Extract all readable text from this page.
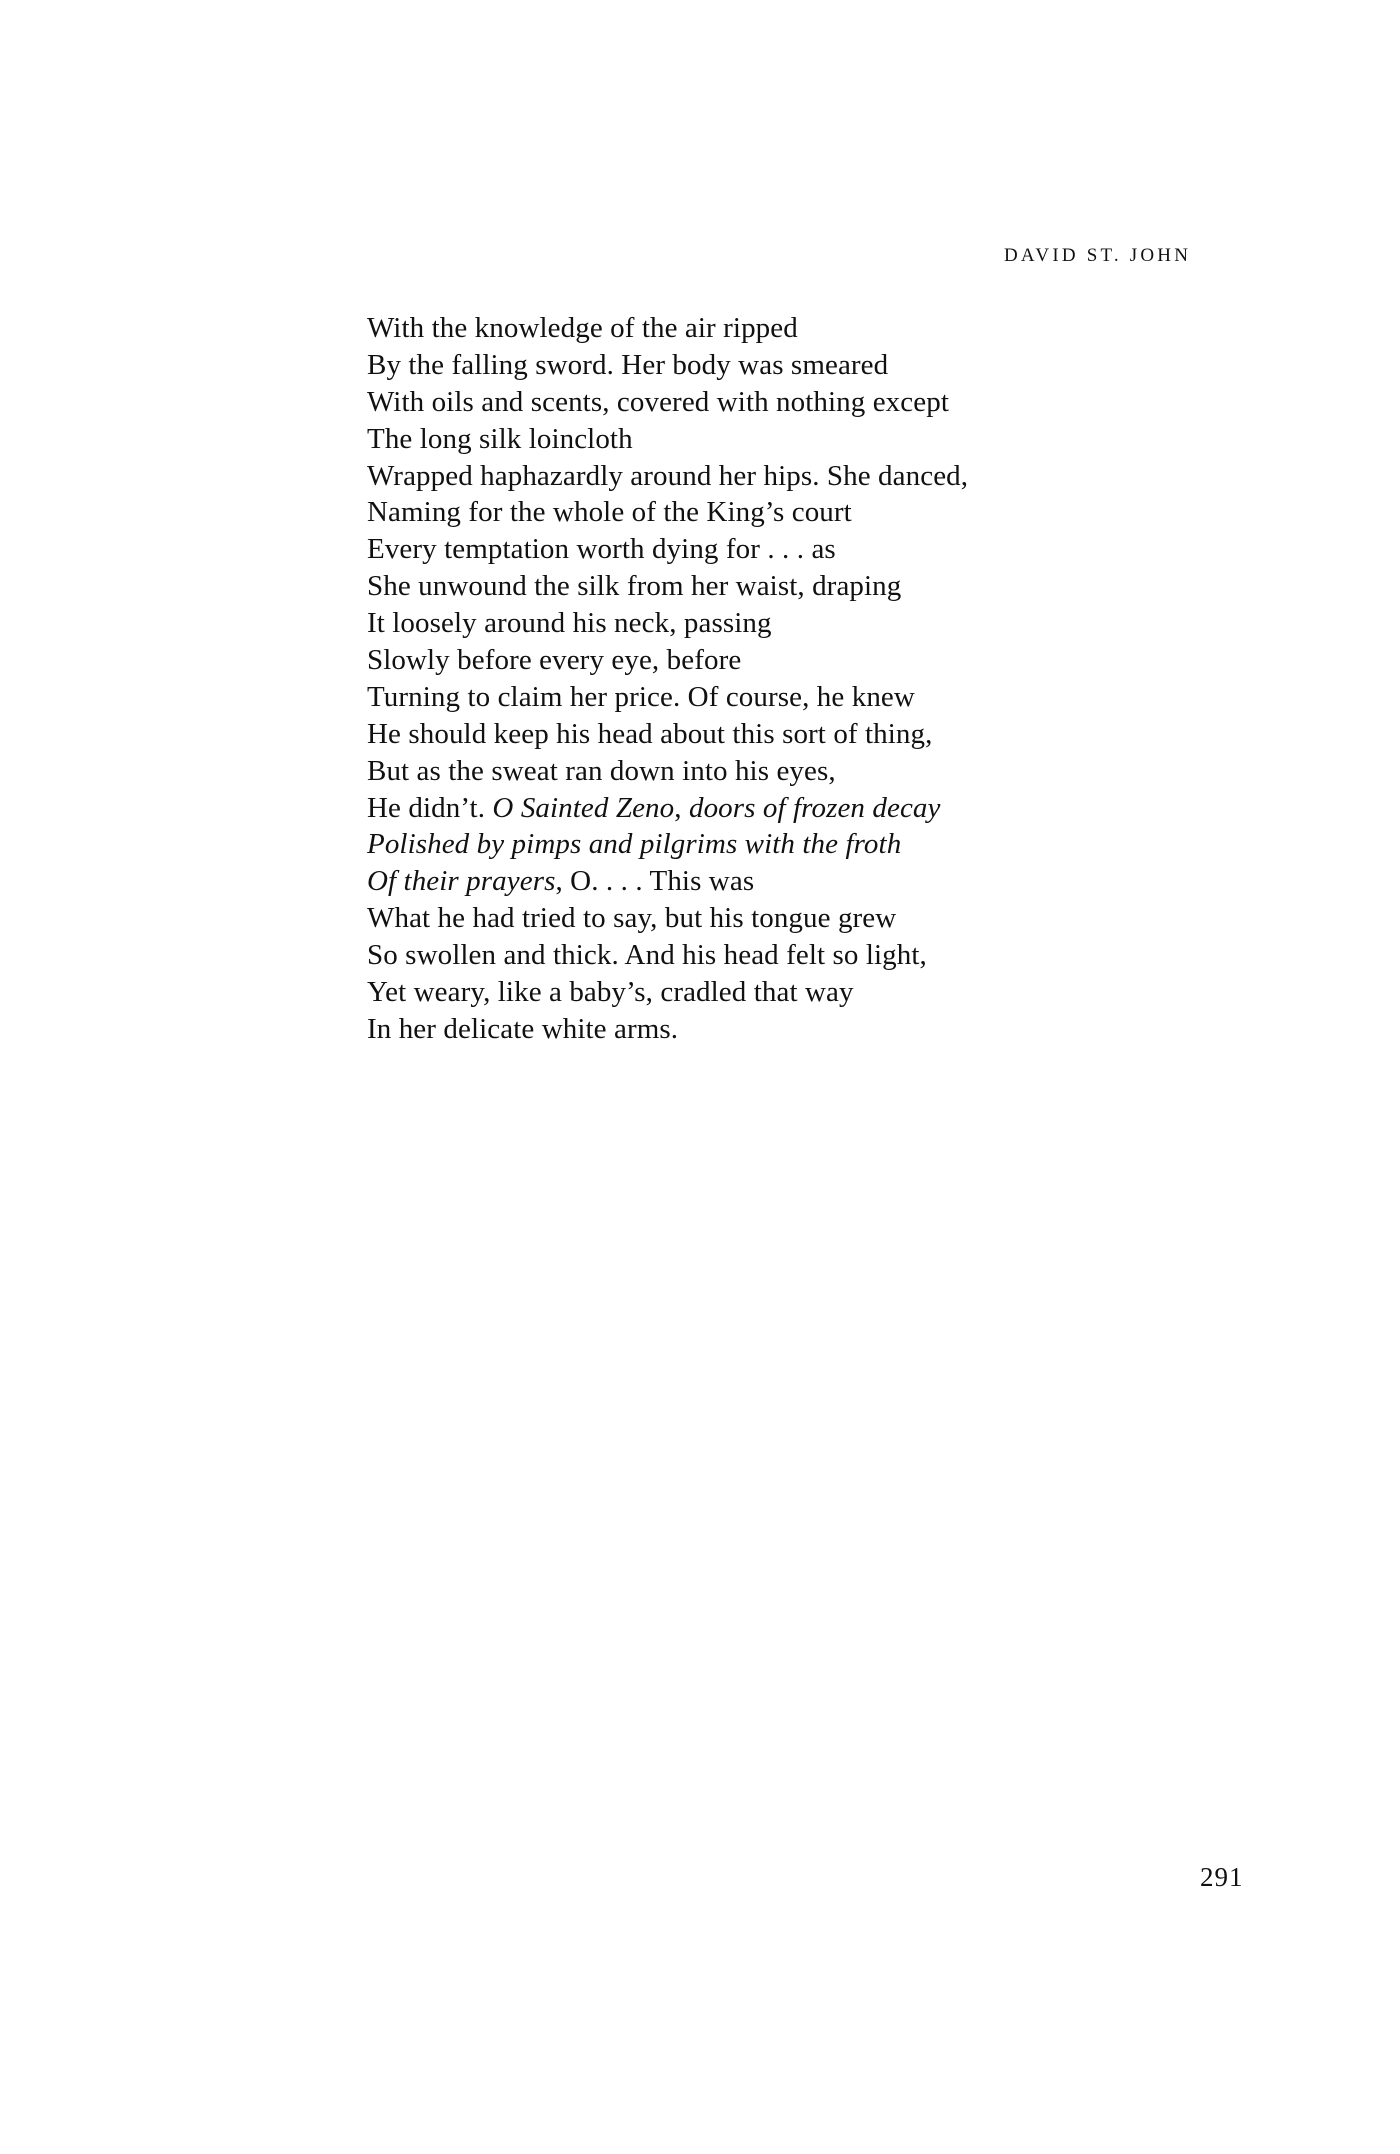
DAVID ST. JOHN
With the knowledge of the air ripped
By the falling sword. Her body was smeared
With oils and scents, covered with nothing except
The long silk loincloth
Wrapped haphazardly around her hips. She danced,
Naming for the whole of the King’s court
Every temptation worth dying for . . . as
She unwound the silk from her waist, draping
It loosely around his neck, passing
Slowly before every eye, before
Turning to claim her price. Of course, he knew
He should keep his head about this sort of thing,
But as the sweat ran down into his eyes,
He didn’t. O Sainted Zeno, doors of frozen decay
Polished by pimps and pilgrims with the froth
Of their prayers, O. . . . This was
What he had tried to say, but his tongue grew
So swollen and thick. And his head felt so light,
Yet weary, like a baby’s, cradled that way
In her delicate white arms.
291
